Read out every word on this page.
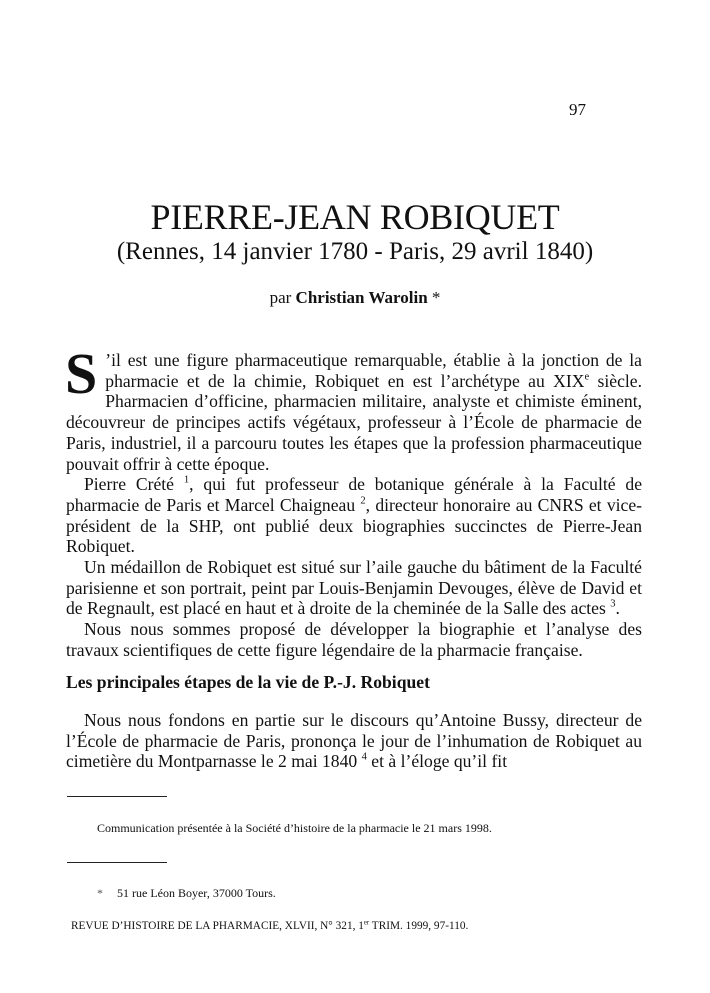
97
PIERRE-JEAN ROBIQUET
(Rennes, 14 janvier 1780 - Paris, 29 avril 1840)
par Christian Warolin *

S ’il est une figure pharmaceutique remarquable, établie à la jonction de la pharmacie et de la chimie, Robiquet en est l’archétype au XIXe siècle. Pharmacien d’officine, pharmacien militaire, analyste et chimiste éminent, découvreur de principes actifs végétaux, professeur à l’École de pharmacie de Paris, industriel, il a parcouru toutes les étapes que la profession pharmaceutique pouvait offrir à cette époque.

Pierre Crété $^1$, qui fut professeur de botanique générale à la Faculté de pharmacie de Paris et Marcel Chaigneau $^2$, directeur honoraire au CNRS et vice-président de la SHP, ont publié deux biographies succinctes de Pierre-Jean Robiquet.

Un médaillon de Robiquet est situé sur l’aile gauche du bâtiment de la Faculté parisienne et son portrait, peint par Louis-Benjamin Devouges, élève de David et de Regnault, est placé en haut et à droite de la cheminée de la Salle des actes $^3$.

Nous nous sommes proposé de développer la biographie et l’analyse des travaux scientifiques de cette figure légendaire de la pharmacie française.

Les principales étapes de la vie de P.-J. Robiquet

Nous nous fondons en partie sur le discours qu’Antoine Bussy, directeur de l’École de pharmacie de Paris, prononça le jour de l’inhumation de Robiquet au cimetière du Montparnasse le 2 mai 1840 $^4$ et à l’éloge qu’il fit

Communication présentée à la Société d’histoire de la pharmacie le 21 mars 1998.
* 51 rue Léon Boyer, 37000 Tours.
REVUE D’HISTOIRE DE LA PHARMACIE, XLVII, N° 321, 1er TRIM. 1999, 97-110.
